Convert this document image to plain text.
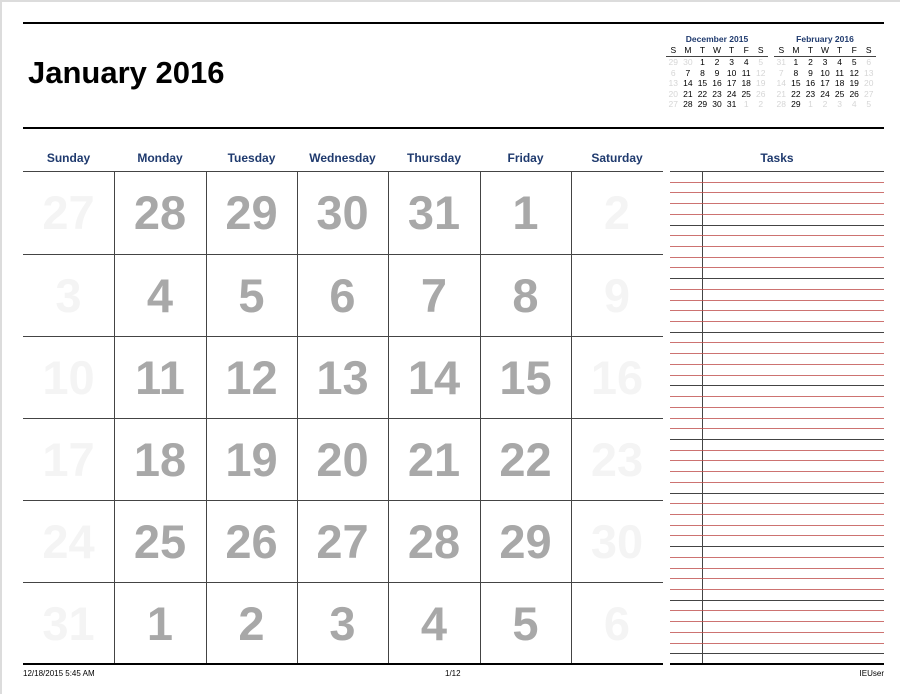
January 2016
December 2015
S M T W T	F	S
29 30 1	2	3	4	5
6	7	8	9 10 11 12
13 14 15 16 17 18 19
20 21 22 23 24 25 26
27 28 29 30 31 1	2
February 2016
S M T W T	F	S
31 1	2	3	4	5	6
7	8	9 10 11 12 13
14 15 16 17 18 19 20
21 22 23 24 25 26 27
28 29 1	2	3	4	5
Sunday	Monday	Tuesday	Wednesday	Thursday	Friday	Saturday
27 28 29 30 31	1	2
3	4	5	6	7	8	9
10 11 12 13 14 15 16
17 18 19 20 21 22 23
24 25 26 27 28 29 30
31	1	2	3	4	5	6
Tasks
12/18/2015 5:45 AM	1/12	IEUser
